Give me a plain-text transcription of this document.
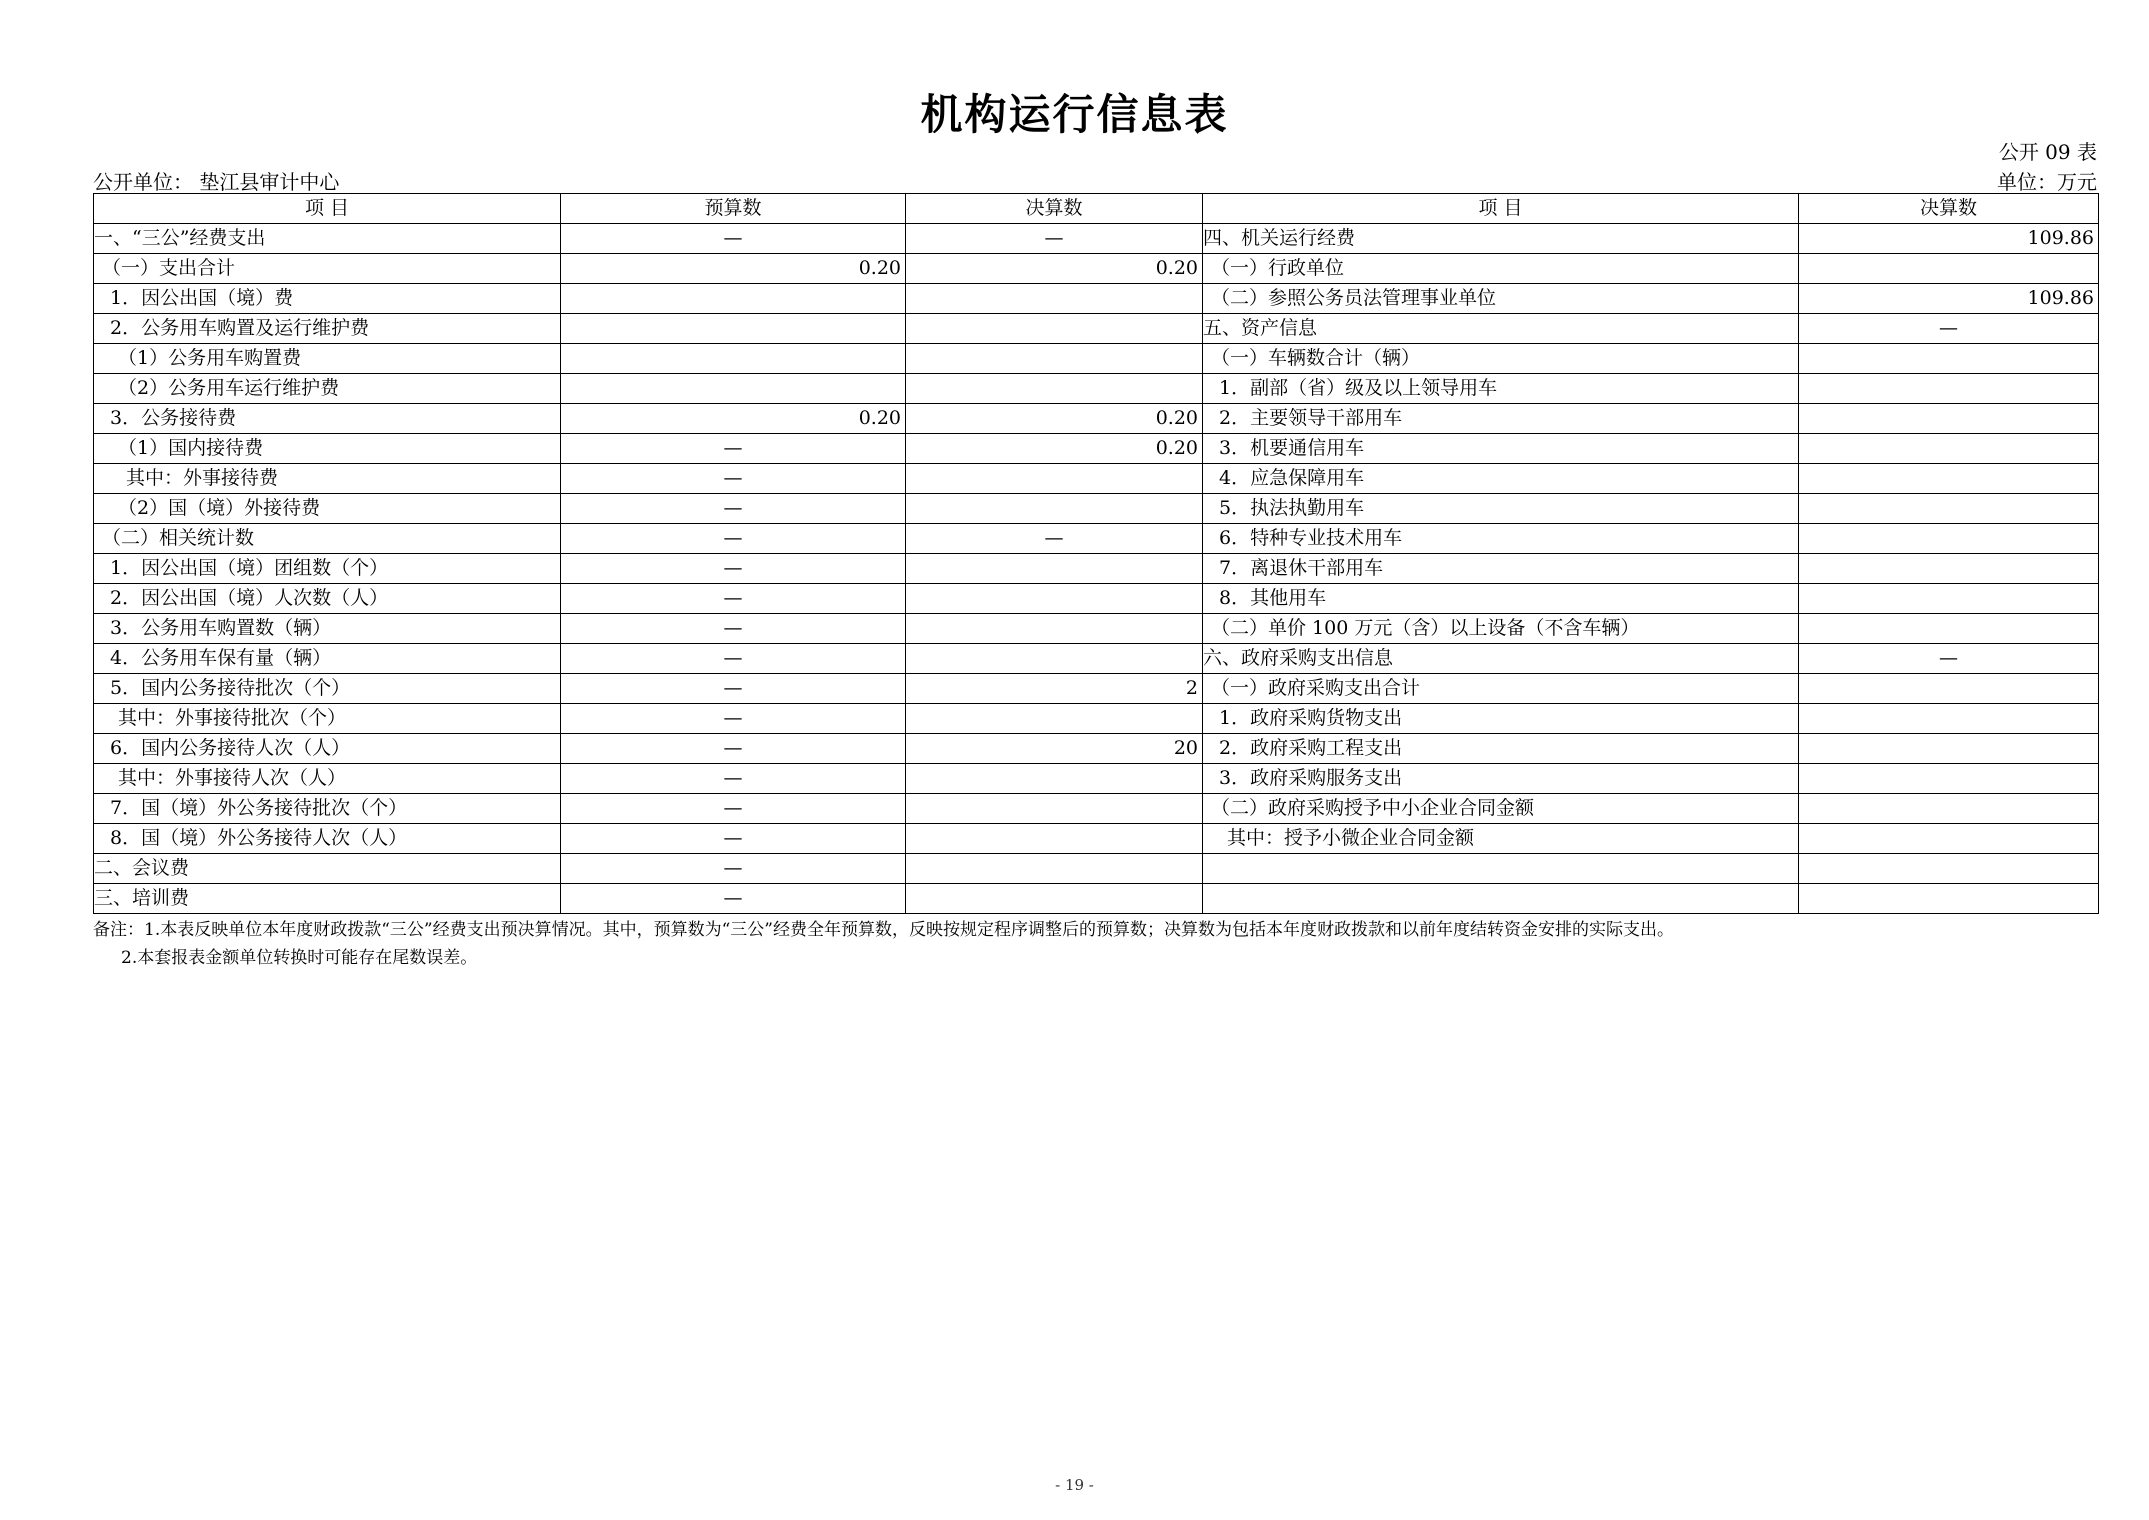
机构运行信息表
公开 09 表
公开单位： 垫江县审计中心	单位：万元
项 目	预算数	决算数	项 目	决算数
一、“三公”经费支出	—	—	四、机关运行经费	109.86
（一）支出合计	0.20	0.20	（一）行政单位	
1．因公出国（境）费			（二）参照公务员法管理事业单位	109.86
2．公务用车购置及运行维护费			五、资产信息	—
（1）公务用车购置费			（一）车辆数合计（辆）	
（2）公务用车运行维护费			1．副部（省）级及以上领导用车	
3．公务接待费	0.20	0.20	2．主要领导干部用车	
（1）国内接待费	—	0.20	3．机要通信用车	
其中：外事接待费	—		4．应急保障用车	
（2）国（境）外接待费	—		5．执法执勤用车	
（二）相关统计数	—	—	6．特种专业技术用车	
1．因公出国（境）团组数（个）	—		7．离退休干部用车	
2．因公出国（境）人次数（人）	—		8．其他用车	
3．公务用车购置数（辆）	—		（二）单价 100 万元（含）以上设备（不含车辆）	
4．公务用车保有量（辆）	—		六、政府采购支出信息	—
5．国内公务接待批次（个）	—	2	（一）政府采购支出合计	
其中：外事接待批次（个）	—		1．政府采购货物支出	
6．国内公务接待人次（人）	—	20	2．政府采购工程支出	
其中：外事接待人次（人）	—		3．政府采购服务支出	
7．国（境）外公务接待批次（个）	—		（二）政府采购授予中小企业合同金额	
8．国（境）外公务接待人次（人）	—		其中：授予小微企业合同金额	
二、会议费	—			
三、培训费	—			
备注：1.本表反映单位本年度财政拨款“三公”经费支出预决算情况。其中，预算数为“三公”经费全年预算数，反映按规定程序调整后的预算数；决算数为包括本年度财政拨款和以前年度结转资金安排的实际支出。
2.本套报表金额单位转换时可能存在尾数误差。
- 19 -
